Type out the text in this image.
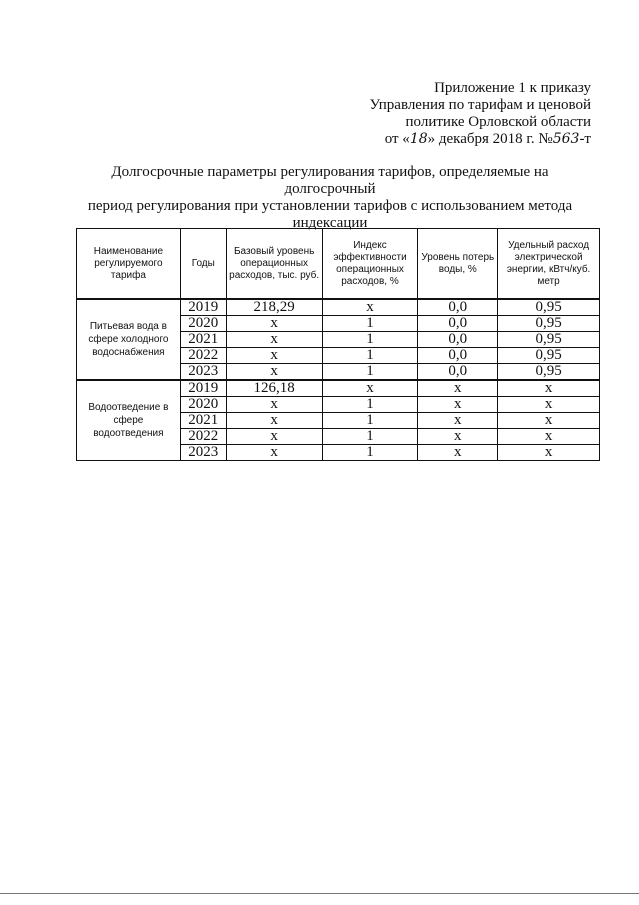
Приложение 1 к приказу
Управления по тарифам и ценовой
политике Орловской области
от «18» декабря 2018 г. №563-т
Долгосрочные параметры регулирования тарифов, определяемые на долгосрочный
период регулирования при установлении тарифов с использованием метода
индексации
Наименование регулируемого тарифа	Годы	Базовый уровень операционных расходов, тыс. руб.	Индекс эффективности операционных расходов, %	Уровень потерь воды, %	Удельный расход электрической энергии, кВтч/куб. метр
Питьевая вода в сфере холодного водоснабжения	2019	218,29	x	0,0	0,95
	2020	x	1	0,0	0,95
	2021	x	1	0,0	0,95
	2022	x	1	0,0	0,95
	2023	x	1	0,0	0,95
Водоотведение в сфере водоотведения	2019	126,18	x	x	x
	2020	x	1	x	x
	2021	x	1	x	x
	2022	x	1	x	x
	2023	x	1	x	x
